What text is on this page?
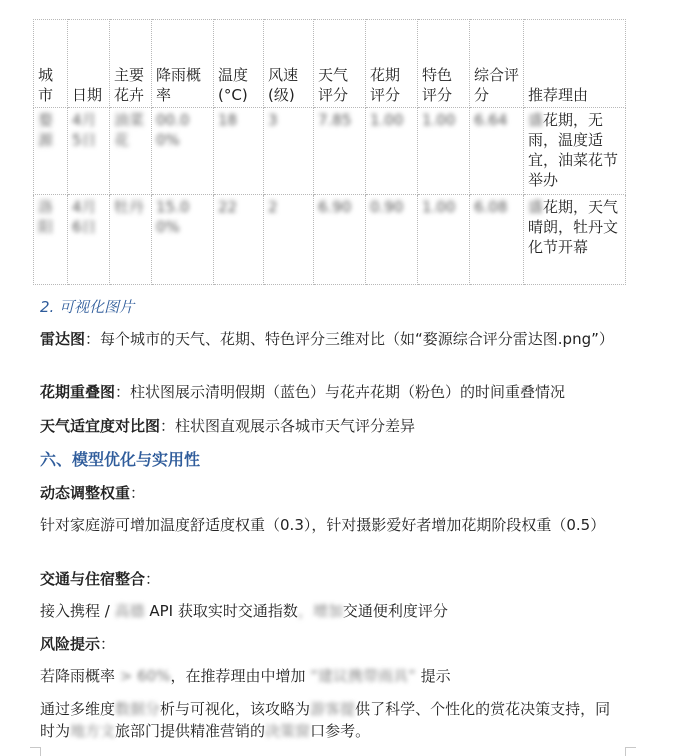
城市	日期	主要花卉	降雨概率	温度(°C)	风速(级)	天气评分	花期评分	特色评分	综合评分	推荐理由
婺源	4月5日	油菜花	00.00%	18	3	7.85	1.00	1.00	6.64	盛花期，无雨，温度适宜，油菜花节举办
洛阳	4月6日	牡丹	15.00%	22	2	6.90	0.90	1.00	6.08	盛花期，天气晴朗，牡丹文化节开幕
2. 可视化图片
雷达图：每个城市的天气、花期、特色评分三维对比（如“婺源综合评分雷达图.png”）
花期重叠图：柱状图展示清明假期（蓝色）与花卉花期（粉色）的时间重叠情况
天气适宜度对比图：柱状图直观展示各城市天气评分差异
六、模型优化与实用性
动态调整权重：
针对家庭游可增加温度舒适度权重（0.3），针对摄影爱好者增加花期阶段权重（0.5）
交通与住宿整合：
接入携程 / 高德 API 获取实时交通指数，增加交通便利度评分
风险提示：
若降雨概率 > 60%，在推荐理由中增加 “建议携带雨具” 提示
通过多维度数据分析与可视化，该攻略为游客提供了科学、个性化的赏花决策支持，同时为地方文旅部门提供精准营销的决策窗口参考。
